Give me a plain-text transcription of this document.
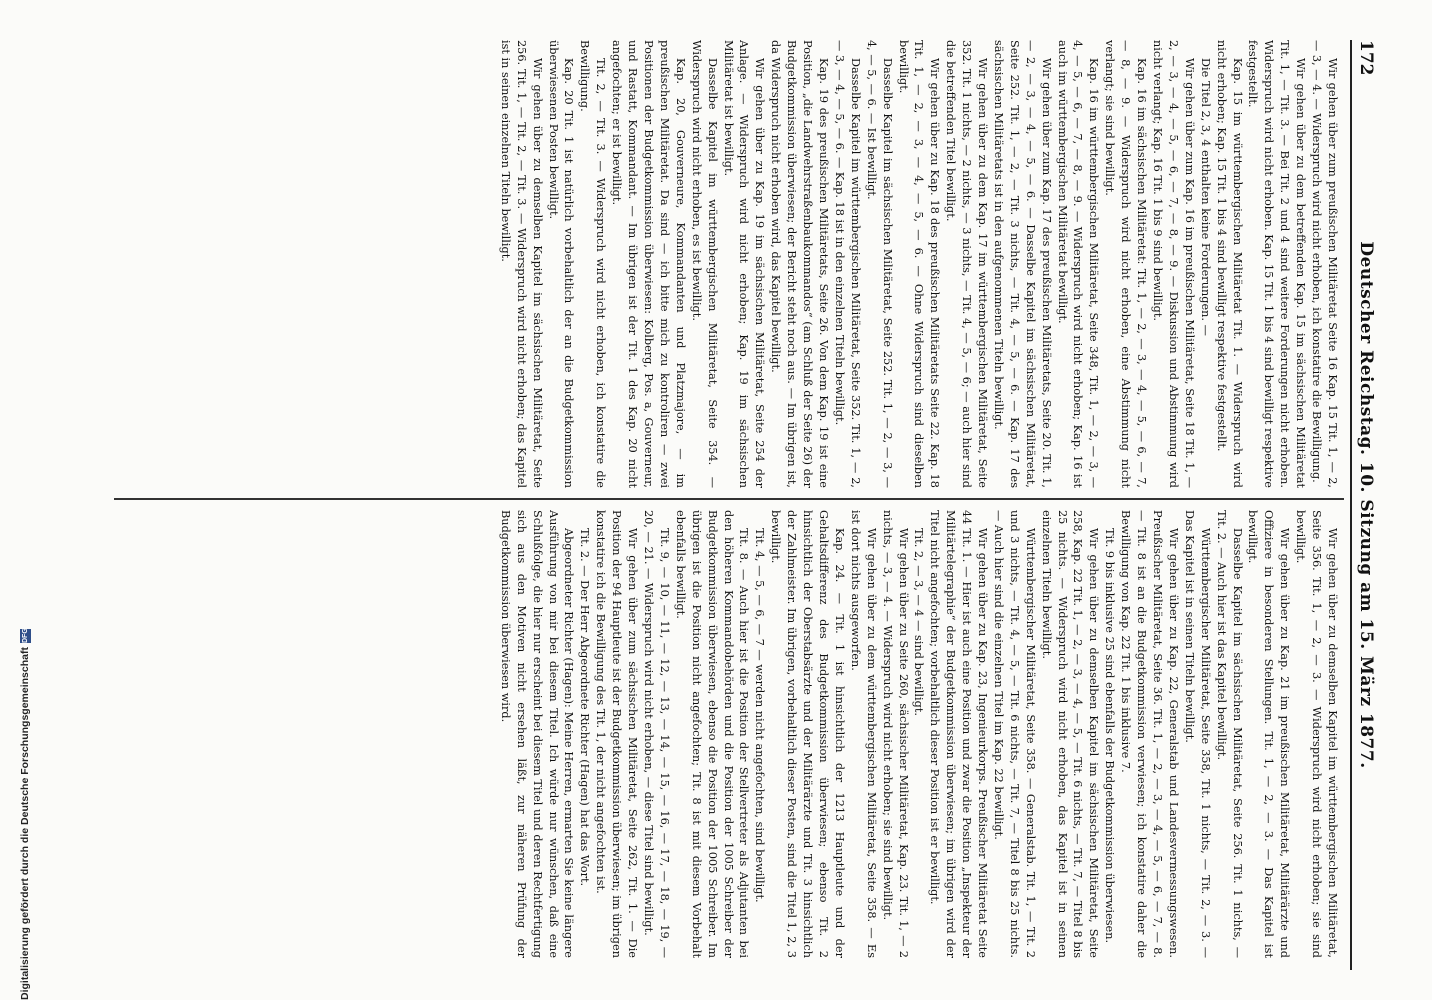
172
Deutscher Reichstag. 10. Sitzung am 15. März 1877.

Wir gehen über zum preußischen Militäretat Seite 16 Kap. 15 Tit. 1, — 2, — 3, — 4. — Widerspruch wird nicht erhoben, ich konstatire die Bewilligung.

Wir gehen über zu dem betreffenden Kap. 15 im sächsischen Militäretat Tit. 1, — Tit. 3. — Bei Tit. 2 und 4 sind weitere Forderungen nicht erhoben. Widerspruch wird nicht erhoben. Kap. 15 Tit. 1 bis 4 sind bewilligt respektive festgestellt.

Kap. 15 im württembergischen Militäretat Tit. 1. — Widerspruch wird nicht erhoben; Kap. 15 Tit. 1 bis 4 sind bewilligt respektive festgestellt.

Die Titel 2, 3, 4 enthalten keine Forderungen. —

Wir gehen über zum Kap. 16 im preußischen Militäretat, Seite 18 Tit. 1, — 2, — 3, — 4, — 5, — 6, — 7, — 8, — 9. — Diskussion und Abstimmung wird nicht verlangt; Kap. 16 Tit. 1 bis 9 sind bewilligt.

Kap. 16 im sächsischen Militäretat: Tit. 1, — 2, — 3, — 4, — 5, — 6, — 7, — 8, — 9. — Widerspruch wird nicht erhoben, eine Abstimmung nicht verlangt; sie sind bewilligt.

Kap. 16 im württembergischen Militäretat, Seite 348, Tit. 1, — 2, — 3, — 4, — 5, — 6, — 7, — 8, — 9. — Widerspruch wird nicht erhoben; Kap. 16 ist auch im württembergischen Militäretat bewilligt.

Wir gehen über zum Kap. 17 des preußischen Militäretats, Seite 20. Tit. 1, — 2, — 3, — 4, — 5, — 6. — Dasselbe Kapitel im sächsischen Militäretat, Seite 252. Tit. 1, — 2, — Tit. 3 nichts, — Tit. 4, — 5, — 6. — Kap. 17 des sächsischen Militäretats ist in den aufgenommenen Titeln bewilligt.

Wir gehen über zu dem Kap. 17 im württembergischen Militäretat, Seite 352. Tit. 1 nichts, — 2 nichts, — 3 nichts, — Tit. 4, — 5, — 6; — auch hier sind die betreffenden Titel bewilligt.

Wir gehen über zu Kap. 18 des preußischen Militäretats Seite 22. Kap. 18 Tit. 1, — 2, — 3, — 4, — 5, — 6. — Ohne Widerspruch sind dieselben bewilligt.

Dasselbe Kapitel im sächsischen Militäretat, Seite 252. Tit. 1, — 2, — 3, — 4, — 5, — 6. — Ist bewilligt.

Dasselbe Kapitel im württembergischen Militäretat, Seite 352. Tit. 1, — 2, — 3, — 4, — 5, — 6. — Kap. 18 ist in den einzelnen Titeln bewilligt.

Kap. 19 des preußischen Militäretats, Seite 26. Von dem Kap. 19 ist eine Position, „die Landwehrstraßenbaukommandos“ (am Schluß der Seite 26) der Budgetkommission überwiesen; der Bericht steht noch aus. — Im übrigen ist, da Widerspruch nicht erhoben wird, das Kapitel bewilligt.

Wir gehen über zu Kap. 19 im sächsischen Militäretat, Seite 254 der Anlage. — Widerspruch wird nicht erhoben; Kap. 19 im sächsischen Militäretat ist bewilligt.

Dasselbe Kapitel im württembergischen Militäretat, Seite 354. — Widerspruch wird nicht erhoben, es ist bewilligt.

Kap. 20, Gouverneure, Kommandanten und Platzmajore, — im preußischen Militäretat. Da sind — ich bitte mich zu kontroliren — zwei Positionen der Budgetkommission überwiesen: Kolberg, Pos. a, Gouverneur, und Rastatt, Kommandant. — Im übrigen ist der Tit. 1 des Kap. 20 nicht angefochten; er ist bewilligt.

Tit. 2, — Tit. 3. — Widerspruch wird nicht erhoben, ich konstatire die Bewilligung.

Kap. 20 Tit. 1 ist natürlich vorbehaltlich der an die Budgetkommission überwiesenen Posten bewilligt.

Wir gehen über zu demselben Kapitel im sächsischen Militäretat, Seite 256. Tit. 1, — Tit. 2, — Tit. 3. — Widerspruch wird nicht erhoben; das Kapitel ist in seinen einzelnen Titeln bewilligt.

Wir gehen über zu demselben Kapitel im württembergischen Militäretat, Seite 356. Tit. 1, — 2, — 3. — Widerspruch wird nicht erhoben; sie sind bewilligt.

Wir gehen über zu Kap. 21 im preußischen Militäretat, Militärärzte und Offiziere in besonderen Stellungen. Tit. 1, — 2, — 3. — Das Kapitel ist bewilligt.

Dasselbe Kapitel im sächsischen Militäretat, Seite 256. Tit. 1 nichts, — Tit. 2. — Auch hier ist das Kapitel bewilligt.

Württembergischer Militäretat, Seite 358, Tit. 1 nichts, — Tit. 2, — 3. — Das Kapitel ist in seinen Titeln bewilligt.

Wir gehen über zu Kap. 22, Generalstab und Landesvermessungswesen. Preußischer Militäretat, Seite 36. Tit. 1, — 2, — 3, — 4, — 5, — 6, — 7, — 8. — Tit. 8 ist an die Budgetkommission verwiesen; ich konstatire daher die Bewilligung von Kap. 22 Tit. 1 bis inklusive 7.

Tit. 9 bis inklusive 25 sind ebenfalls der Budgetkommission überwiesen.

Wir gehen über zu demselben Kapitel im sächsischen Militäretat, Seite 258, Kap. 22 Tit. 1, — 2, — 3, — 4, — 5, — Tit. 6 nichts, — Tit. 7, — Titel 8 bis 25 nichts. — Widerspruch wird nicht erhoben, das Kapitel ist in seinen einzelnen Titeln bewilligt.

Württembergischer Militäretat, Seite 358. — Generalstab. Tit. 1, — Tit. 2 und 3 nichts, — Tit. 4, — 5, — Tit. 6 nichts, — Tit. 7, — Titel 8 bis 25 nichts. — Auch hier sind die einzelnen Titel im Kap. 22 bewilligt.

Wir gehen über zu Kap. 23, Ingenieurkorps. Preußischer Militäretat Seite 44 Tit. 1. — Hier ist auch eine Position und zwar die Position „Inspekteur der Militärtelegraphie“ der Budgetkommission überwiesen; im übrigen wird der Titel nicht angefochten; vorbehaltlich dieser Position ist er bewilligt.

Tit. 2, — 3, — 4 — sind bewilligt.

Wir gehen über zu Seite 260, sächsischer Militäretat, Kap. 23. Tit. 1, — 2 nichts, — 3, — 4. — Widerspruch wird nicht erhoben; sie sind bewilligt.

Wir gehen über zu dem württembergischen Militäretat, Seite 358. — Es ist dort nichts ausgeworfen.

Kap. 24. — Tit. 1 ist hinsichtlich der 1213 Hauptleute und der Gehaltsdifferenz des Budgetkommission überwiesen; ebenso Tit. 2 hinsichtlich der Oberstabsärzte und der Militärärzte und Tit. 3 hinsichtlich der Zahlmeister. Im übrigen, vorbehaltlich dieser Posten, sind die Titel 1, 2, 3 bewilligt.

Tit. 4, — 5, — 6, — 7 — werden nicht angefochten, sind bewilligt.

Tit. 8. — Auch hier ist die Position der Stellvertreter als Adjutanten bei den höheren Kommandobehörden und die Position der 1005 Schreiber der Budgetkommission überwiesen, ebenso die Position der 1005 Schreiber. Im übrigen ist die Position nicht angefochten; Tit. 8 ist mit diesem Vorbehalt ebenfalls bewilligt.

Tit. 9, — 10, — 11, — 12, — 13, — 14, — 15, — 16, — 17, — 18, — 19, — 20, — 21. — Widerspruch wird nicht erhoben, — diese Titel sind bewilligt.

Wir gehen über zum sächsischen Militäretat, Seite 262, Tit. 1. — Die Position der 94 Hauptleute ist der Budgetkommission überwiesen; im übrigen konstatire ich die Bewilligung des Tit. 1, der nicht angefochten ist.

Tit. 2. — Der Herr Abgeordnete Richter (Hagen) hat das Wort.

Abgeordneter Richter (Hagen): Meine Herren, ermarten Sie keine längere Ausführung von mir bei diesem Titel. Ich würde nur wünschen, daß eine Schlußfolge, die hier nur erscheint bei diesem Titel und deren Rechtfertigung sich aus den Motiven nicht ersehen läßt, zur näheren Prüfung der Budgetkommission überwiesen wird.

Digitalisierung gefördert durch die Deutsche ForschungsgemeinschaftDFG
